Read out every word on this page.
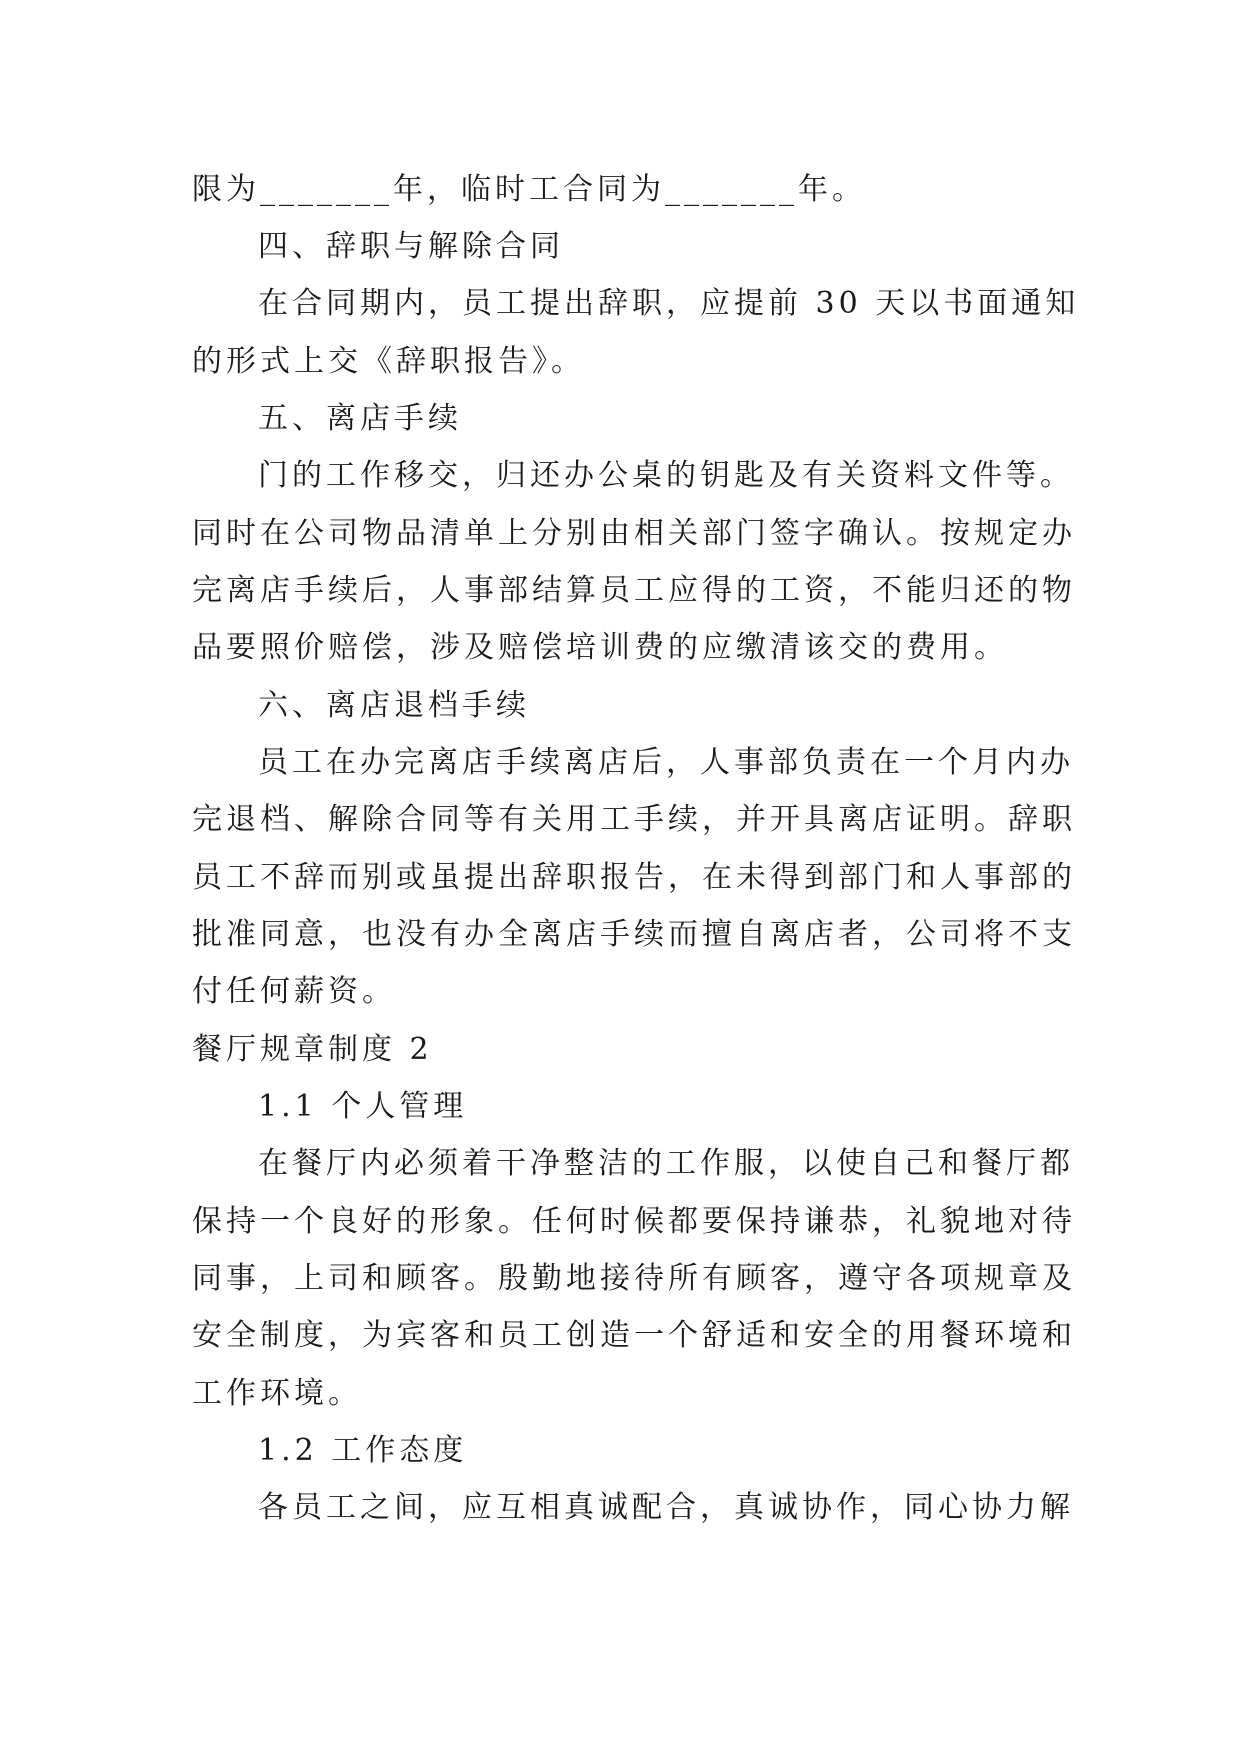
限为_______年，临时工合同为_______年。
四、辞职与解除合同
在合同期内，员工提出辞职，应提前 30 天以书面通知
的形式上交《辞职报告》。
五、离店手续
门的工作移交，归还办公桌的钥匙及有关资料文件等。
同时在公司物品清单上分别由相关部门签字确认。按规定办
完离店手续后，人事部结算员工应得的工资，不能归还的物
品要照价赔偿，涉及赔偿培训费的应缴清该交的费用。
六、离店退档手续
员工在办完离店手续离店后，人事部负责在一个月内办
完退档、解除合同等有关用工手续，并开具离店证明。辞职
员工不辞而别或虽提出辞职报告，在未得到部门和人事部的
批准同意，也没有办全离店手续而擅自离店者，公司将不支
付任何薪资。
餐厅规章制度 2
1.1 个人管理
在餐厅内必须着干净整洁的工作服，以使自己和餐厅都
保持一个良好的形象。任何时候都要保持谦恭，礼貌地对待
同事，上司和顾客。殷勤地接待所有顾客，遵守各项规章及
安全制度，为宾客和员工创造一个舒适和安全的用餐环境和
工作环境。
1.2 工作态度
各员工之间，应互相真诚配合，真诚协作，同心协力解
